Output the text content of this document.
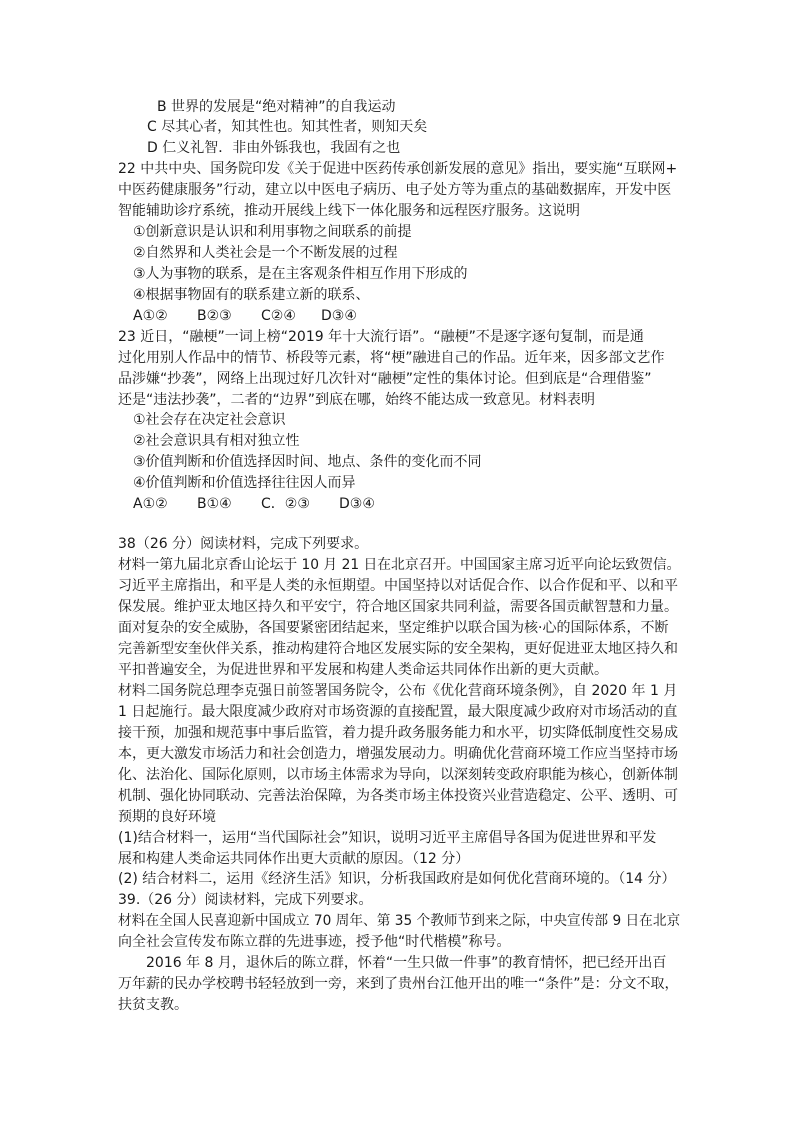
B 世界的发展是“绝对精神”的自我运动
C 尽其心者，知其性也。知其性者，则知天矣
D 仁义礼智．非由外铄我也，我固有之也
22 中共中央、国务院印发《关于促进中医药传承创新发展的意见》指出，要实施“互联网+
中医药健康服务”行动，建立以中医电子病历、电子处方等为重点的基础数据库，开发中医
智能辅助诊疗系统，推动开展线上线下一体化服务和远程医疗服务。这说明
①创新意识是认识和利用事物之间联系的前提
②自然界和人类社会是一个不断发展的过程
③人为事物的联系，是在主客观条件相互作用下形成的
④根据事物固有的联系建立新的联系、
A①② B②③ C②④ D③④
23 近日，“融梗”一词上榜“2019 年十大流行语”。“融梗”不是逐字逐句复制，而是通
过化用别人作品中的情节、桥段等元素，将“梗”融进自己的作品。近年来，因多部文艺作
品涉嫌“抄袭”，网络上出现过好几次针对“融梗”定性的集体讨论。但到底是“合理借鉴”
还是“违法抄袭”，二者的“边界”到底在哪，始终不能达成一致意见。材料表明
①社会存在决定社会意识
②社会意识具有相对独立性
③价值判断和价值选择因时间、地点、条件的变化而不同
④价值判断和价值选择往往因人而异
A①② B①④ C．②③ D③④
38（26 分）阅读材料，完成下列要求。
材料一第九届北京香山论坛于 10 月 21 日在北京召开。中国国家主席习近平向论坛致贺信。
习近平主席指出，和平是人类的永恒期望。中国坚持以对话促合作、以合作促和平、以和平
保发展。维护亚太地区持久和平安宁，符合地区国家共同利益，需要各国贡献智慧和力量。
面对复杂的安全威胁，各国要紧密团结起来，坚定维护以联合国为核·心的国际体系，不断
完善新型安奎伙伴关系，推动构建符合地区发展实际的安全架构，更好促进亚太地区持久和
平扣普遍安全，为促进世界和平发展和构建人类命运共同体作出新的更大贡献。
材料二国务院总理李克强日前签署国务院令，公布《优化营商环境条例》，自 2020 年 1 月
1 日起施行。最大限度减少政府对市场资源的直接配置，最大限度减少政府对市场活动的直
接干预，加强和规范事中事后监管，着力提升政务服务能力和水平，切实降低制度性交易成
本，更大激发市场活力和社会创造力，增强发展动力。明确优化营商环境工作应当坚持市场
化、法治化、国际化原则，以市场主体需求为导向，以深刻转变政府职能为核心，创新体制
机制、强化协同联动、完善法治保障，为各类市场主体投资兴业营造稳定、公平、透明、可
预期的良好环境
(1)结合材料一，运用“当代国际社会”知识，说明习近平主席倡导各国为促进世界和平发
展和构建人类命运共同体作出更大贡献的原因。（12 分）
(2) 结合材料二，运用《经济生活》知识，分析我国政府是如何优化营商环境的。（14 分）
39.（26 分）阅读材料，完成下列要求。
材料在全国人民喜迎新中国成立 70 周年、第 35 个教师节到来之际，中央宣传部 9 日在北京
向全社会宣传发布陈立群的先进事迹，授予他“时代楷模”称号。
2016 年 8 月，退休后的陈立群，怀着“一生只做一件事”的教育情怀，把已经开出百
万年薪的民办学校聘书轻轻放到一旁，来到了贵州台江他开出的唯一“条件”是：分文不取，
扶贫支教。
